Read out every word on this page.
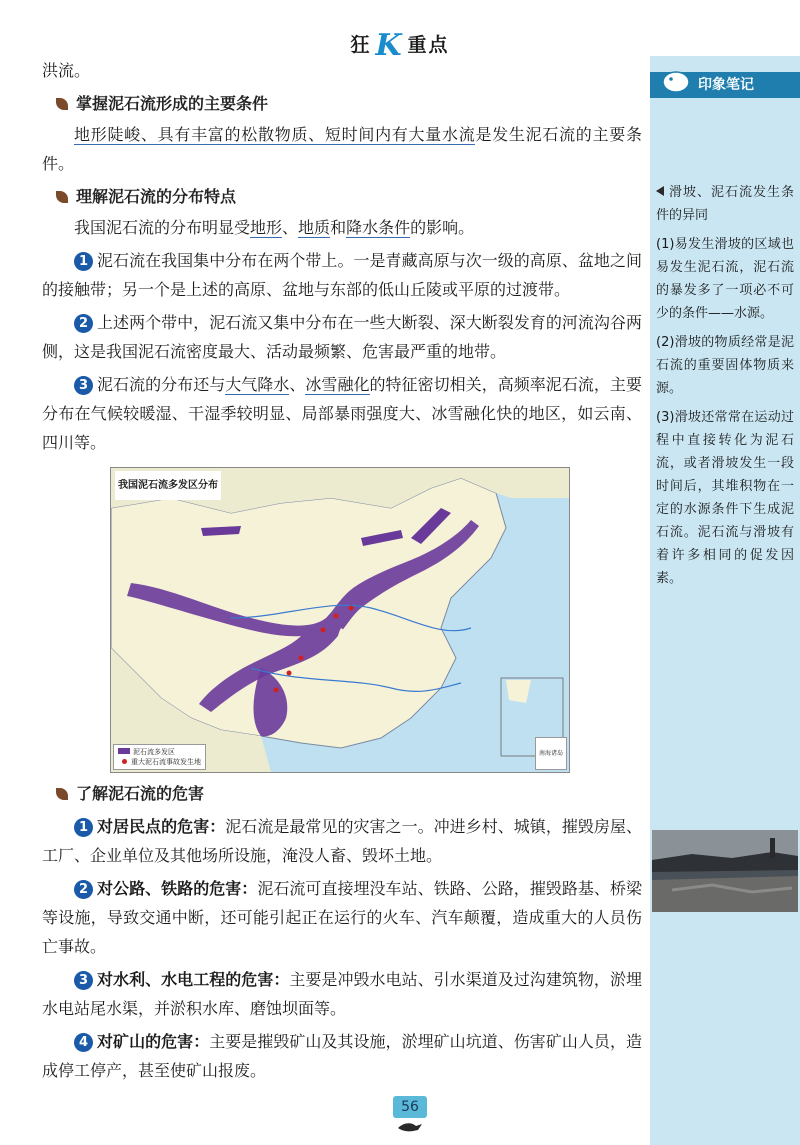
狂 K 重点

洪流。

掌握泥石流形成的主要条件

地形陡峻、具有丰富的松散物质、短时间内有大量水流是发生泥石流的主要条件。

理解泥石流的分布特点

我国泥石流的分布明显受地形、地质和降水条件的影响。

1 泥石流在我国集中分布在两个带上。一是青藏高原与次一级的高原、盆地之间的接触带；另一个是上述的高原、盆地与东部的低山丘陵或平原的过渡带。

2 上述两个带中，泥石流又集中分布在一些大断裂、深大断裂发育的河流沟谷两侧，这是我国泥石流密度最大、活动最频繁、危害最严重的地带。

3 泥石流的分布还与大气降水、冰雪融化的特征密切相关，高频率泥石流，主要分布在气候较暖湿、干湿季较明显、局部暴雨强度大、冰雪融化快的地区，如云南、四川等。

我国泥石流多发区分布
泥石流多发区
重大泥石流事故发生地
南海诸岛

了解泥石流的危害

1 对居民点的危害：泥石流是最常见的灾害之一。冲进乡村、城镇，摧毁房屋、工厂、企业单位及其他场所设施，淹没人畜、毁坏土地。

2 对公路、铁路的危害：泥石流可直接埋没车站、铁路、公路，摧毁路基、桥梁等设施，导致交通中断，还可能引起正在运行的火车、汽车颠覆，造成重大的人员伤亡事故。

3 对水利、水电工程的危害：主要是冲毁水电站、引水渠道及过沟建筑物，淤埋水电站尾水渠，并淤积水库、磨蚀坝面等。

4 对矿山的危害：主要是摧毁矿山及其设施，淤埋矿山坑道、伤害矿山人员，造成停工停产，甚至使矿山报废。

印象笔记

滑坡、泥石流发生条件的异同

(1)易发生滑坡的区域也易发生泥石流，泥石流的暴发多了一项必不可少的条件——水源。

(2)滑坡的物质经常是泥石流的重要固体物质来源。

(3)滑坡还常常在运动过程中直接转化为泥石流，或者滑坡发生一段时间后，其堆积物在一定的水源条件下生成泥石流。泥石流与滑坡有着许多相同的促发因素。

56
